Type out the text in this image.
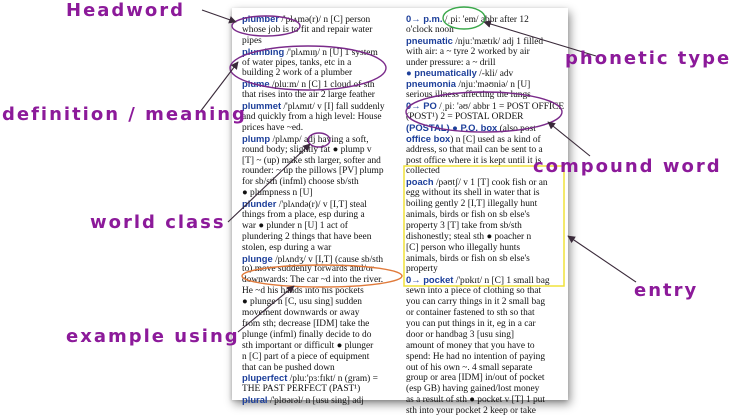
plumber /'plʌmə(r)/ n [C] person
whose job is to fit and repair water
pipes
plumbing /'plʌmɪŋ/ n [U] 1 system
of water pipes, tanks, etc in a
building 2 work of a plumber
plume /pluːm/ n [C] 1 cloud of sth
that rises into the air 2 large feather
plummet /'plʌmɪt/ v [I] fall suddenly
and quickly from a high level: House
prices have ~ed.
plump /plʌmp/ adj having a soft,
round body; slightly fat ● plump v
[T] ~ (up) make sth larger, softer and
rounder: ~ up the pillows [PV] plump
for sb/sth (infml) choose sb/sth
● plumpness n [U]
plunder /'plʌndə(r)/ v [I,T] steal
things from a place, esp during a
war ● plunder n [U] 1 act of
plundering 2 things that have been
stolen, esp during a war
plunge /plʌndʒ/ v [I,T] (cause sb/sth
to) move suddenly forwards and/or
downwards: The car ~d into the river.
He ~d his hands into his pockets
● plunge n [C, usu sing] sudden
movement downwards or away
from sth; decrease [IDM] take the
plunge (infml) finally decide to do
sth important or difficult ● plunger
n [C] part of a piece of equipment
that can be pushed down
pluperfect /pluː'pɜːfɪkt/ n (gram) =
THE PAST PERFECT (PAST¹)
plural /'plʊərəl/ n [usu sing] adj
0→ p.m. /ˌpiː 'em/ abbr after 12
o'clock noon
pneumatic /njuː'mætɪk/ adj 1 filled
with air: a ~ tyre 2 worked by air
under pressure: a ~ drill
● pneumatically /-kli/ adv
pneumonia /njuː'məʊniə/ n [U]
serious illness affecting the lungs
0→ PO /ˌpiː 'əʊ/ abbr 1 = POST OFFICE
(POST¹) 2 = POSTAL ORDER
(POSTAL) ● P.O. box (also post
office box) n [C] used as a kind of
address, so that mail can be sent to a
post office where it is kept until it is
collected
poach /pəʊtʃ/ v 1 [T] cook fish or an
egg without its shell in water that is
boiling gently 2 [I,T] illegally hunt
animals, birds or fish on sb else's
property 3 [T] take from sb/sth
dishonestly; steal sth ● poacher n
[C] person who illegally hunts
animals, birds or fish on sb else's
property
0→ pocket /'pɒkɪt/ n [C] 1 small bag
sewn into a piece of clothing so that
you can carry things in it 2 small bag
or container fastened to sth so that
you can put things in it, eg in a car
door or handbag 3 [usu sing]
amount of money that you have to
spend: He had no intention of paying
out of his own ~. 4 small separate
group or area [IDM] in/out of pocket
(esp GB) having gained/lost money
as a result of sth ● pocket v [T] 1 put
sth into your pocket 2 keep or take
Headword
definition / meaning
world class
example using
phonetic type
compound word
entry
